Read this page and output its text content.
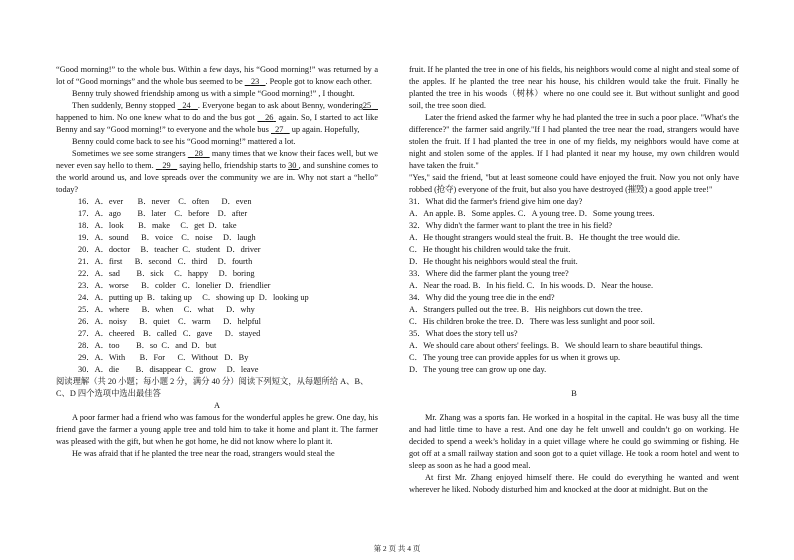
“Good morning!” to the whole bus. Within a few days, his “Good morning!” was returned by a lot of “Good mornings” and the whole bus seemed to be 23 . People got to know each other.

Benny truly showed friendship among us with a simple “Good morning!” , I thought.

Then suddenly, Benny stopped 24 . Everyone began to ask about Benny, wondering25    happened to him. No one knew what to do and the bus got 26 again. So, I started to act like Benny and say “Good morning!” to everyone and the whole bus 27 up again. Hopefully,

Benny could come back to see his “Good morning!” mattered a lot.

Sometimes we see some strangers 28 many times that we know their faces well, but we never even say hello to them. 29 saying hello, friendship starts to 30 , and sunshine comes to the world around us, and love spreads over the community we are in. Why not start a “hello” today?

16．A．ever       B．never    C．often      D．even

17．A．ago        B．later    C．before    D．after

18．A．look       B．make     C．get  D．take

19．A．sound      B．voice    C．noise     D．laugh

20．A．doctor     B．teacher  C．student   D．driver

21．A．first      B．second   C．third     D．fourth

22．A．sad        B．sick     C．happy     D．boring

23．A．worse      B．colder   C．lonelier  D．friendlier

24．A．putting up  B．taking up     C．showing up  D．looking up

25．A．where      B．when     C．what      D．why

26．A．noisy      B．quiet    C．warm      D．helpful

27．A．cheered    B．called   C．gave      D．stayed

28．A．too        B．so  C．and  D．but

29．A．With       B．For      C．Without   D．By

30．A．die        B．disappear  C．grow     D．leave

阅读理解（共 20 小题；每小题 2 分，满分 40 分）阅读下列短文，从每题所给 A、B、

C、D 四个选项中选出最佳答

A

A poor farmer had a friend who was famous for the wonderful apples he grew. One day, his friend gave the farmer a young apple tree and told him to take it home and plant it. The farmer was pleased with the gift, but when he got home, he did not know where lo plant it.

He was afraid that if he planted the tree near the road, strangers would steal the

fruit. If he planted the tree in one of his fields, his neighbors would come al night and steal some of the apples. If he planted the tree near his house, his children would take the fruit. Finally he planted the tree in his woods（树林）where no one could see it. But without sunlight and good soil, the tree soon died.

Later the friend asked the farmer why he had planted the tree in such a poor place. "What's the difference?" the farmer said angrily."If I had planted the tree near the road, strangers would have stolen the fruit. If I had planted the tree in one of my fields, my neighbors would have come at night and stolen some of the apples. If I had planted it near my house, my own children would have taken the fruit."

"Yes," said the friend, "but at least someone could have enjoyed the fruit. Now you not only have robbed (抢夺) everyone of the fruit, but also you have destroyed (摧毁) a good apple tree!"

31．What did the farmer's friend give him one day?

A．An apple. B．Some apples. C．A young tree. D．Some young trees.

32．Why didn't the farmer want to plant the tree in his field?

A．He thought strangers would steal the fruit. B．He thought the tree would die.

C．He thought his children would take the fruit.

D．He thought his neighbors would steal the fruit.

33．Where did the farmer plant the young tree?

A．Near the road. B．In his field. C．In his woods. D．Near the house.

34．Why did the young tree die in the end?

A．Strangers pulled out the tree. B．His neighbors cut down the tree.

C．His children broke the tree. D．There was less sunlight and poor soil.

35．What does the story tell us?

A．We should care about others' feelings. B．We should learn to share beautiful things.

C．The young tree can provide apples for us when it grows up.

D．The young tree can grow up one day.

B

Mr. Zhang was a sports fan. He worked in a hospital in the capital. He was busy all the time and had little time to have a rest. And one day he felt unwell and couldn’t go on working. He decided to spend a week’s holiday in a quiet village where he could go swimming or fishing. He got off at a small railway station and soon got to a quiet village. He took a room hotel and went to sleep as soon as he had a good meal.

At first Mr. Zhang enjoyed himself there. He could do everything he wanted and went wherever he liked. Nobody disturbed him and knocked at the door at midnight. But on the

第 2 页 共 4 页
